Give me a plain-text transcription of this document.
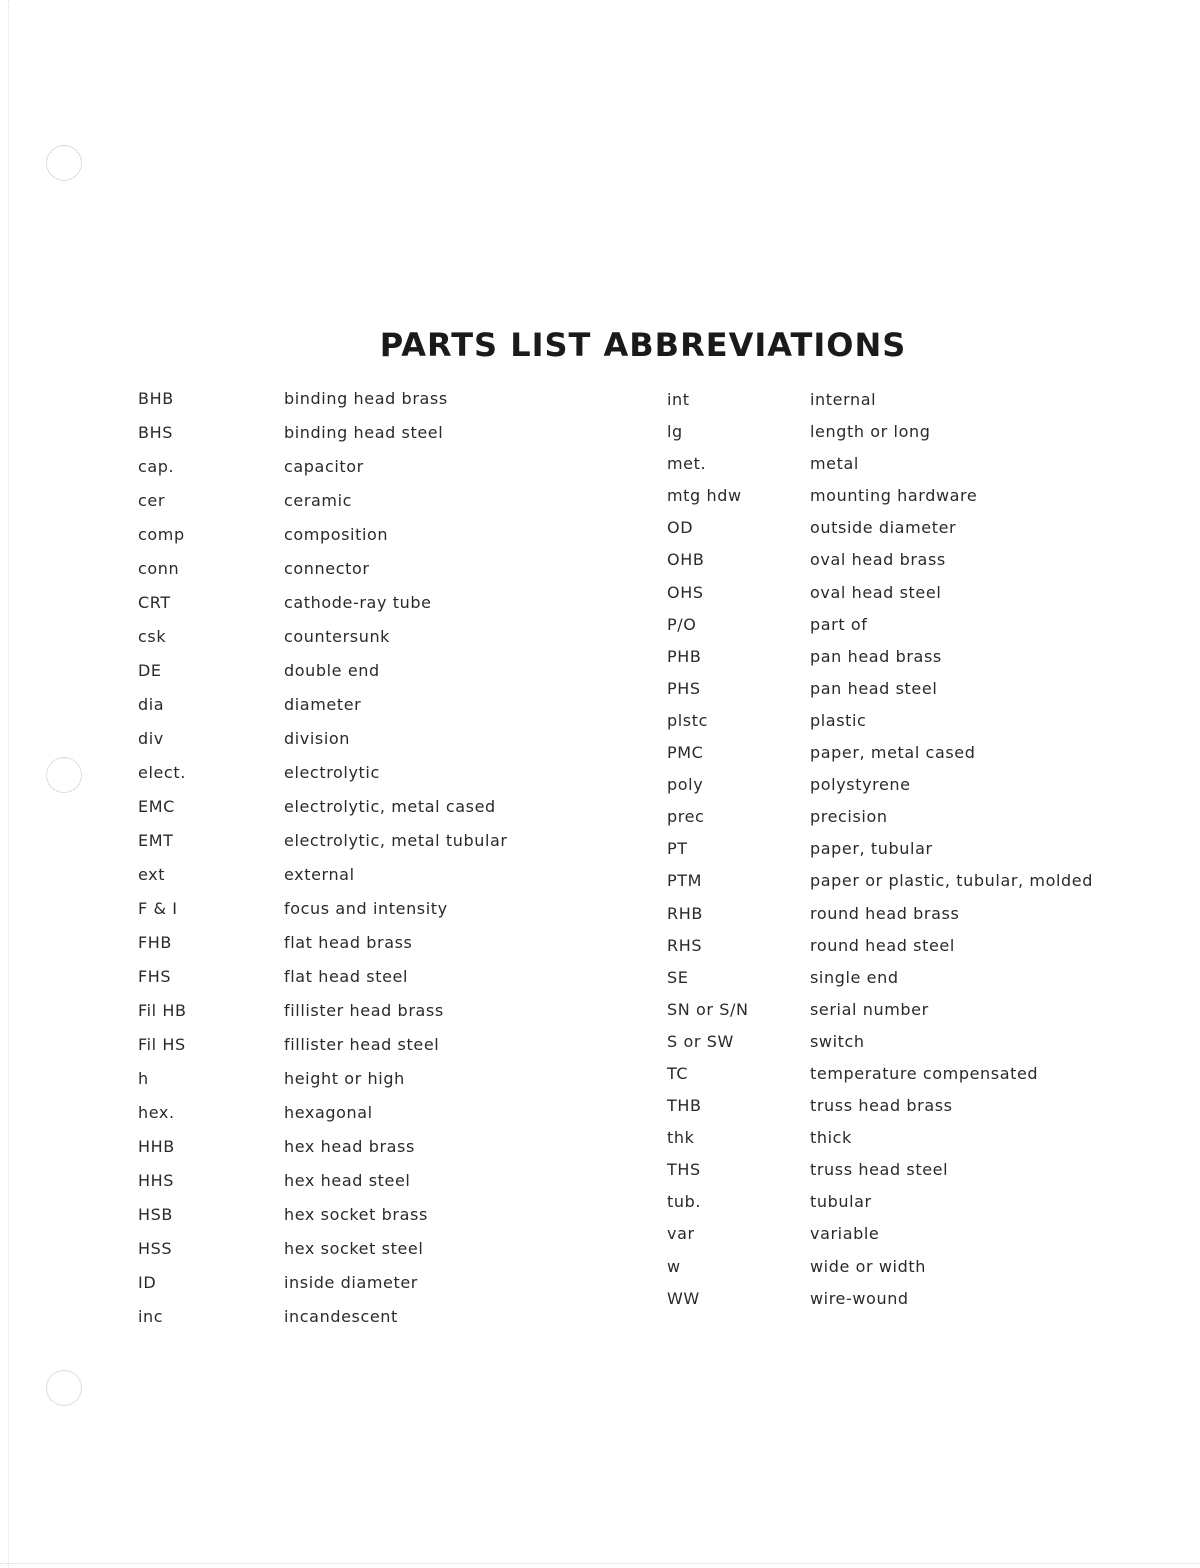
PARTS LIST ABBREVIATIONS
BHB	binding head brass
BHS	binding head steel
cap.	capacitor
cer	ceramic
comp	composition
conn	connector
CRT	cathode-ray tube
csk	countersunk
DE	double end
dia	diameter
div	division
elect.	electrolytic
EMC	electrolytic, metal cased
EMT	electrolytic, metal tubular
ext	external
F & I	focus and intensity
FHB	flat head brass
FHS	flat head steel
Fil HB	fillister head brass
Fil HS	fillister head steel
h	height or high
hex.	hexagonal
HHB	hex head brass
HHS	hex head steel
HSB	hex socket brass
HSS	hex socket steel
ID	inside diameter
inc	incandescent
int	internal
lg	length or long
met.	metal
mtg hdw	mounting hardware
OD	outside diameter
OHB	oval head brass
OHS	oval head steel
P/O	part of
PHB	pan head brass
PHS	pan head steel
plstc	plastic
PMC	paper, metal cased
poly	polystyrene
prec	precision
PT	paper, tubular
PTM	paper or plastic, tubular, molded
RHB	round head brass
RHS	round head steel
SE	single end
SN or S/N	serial number
S or SW	switch
TC	temperature compensated
THB	truss head brass
thk	thick
THS	truss head steel
tub.	tubular
var	variable
w	wide or width
WW	wire-wound
